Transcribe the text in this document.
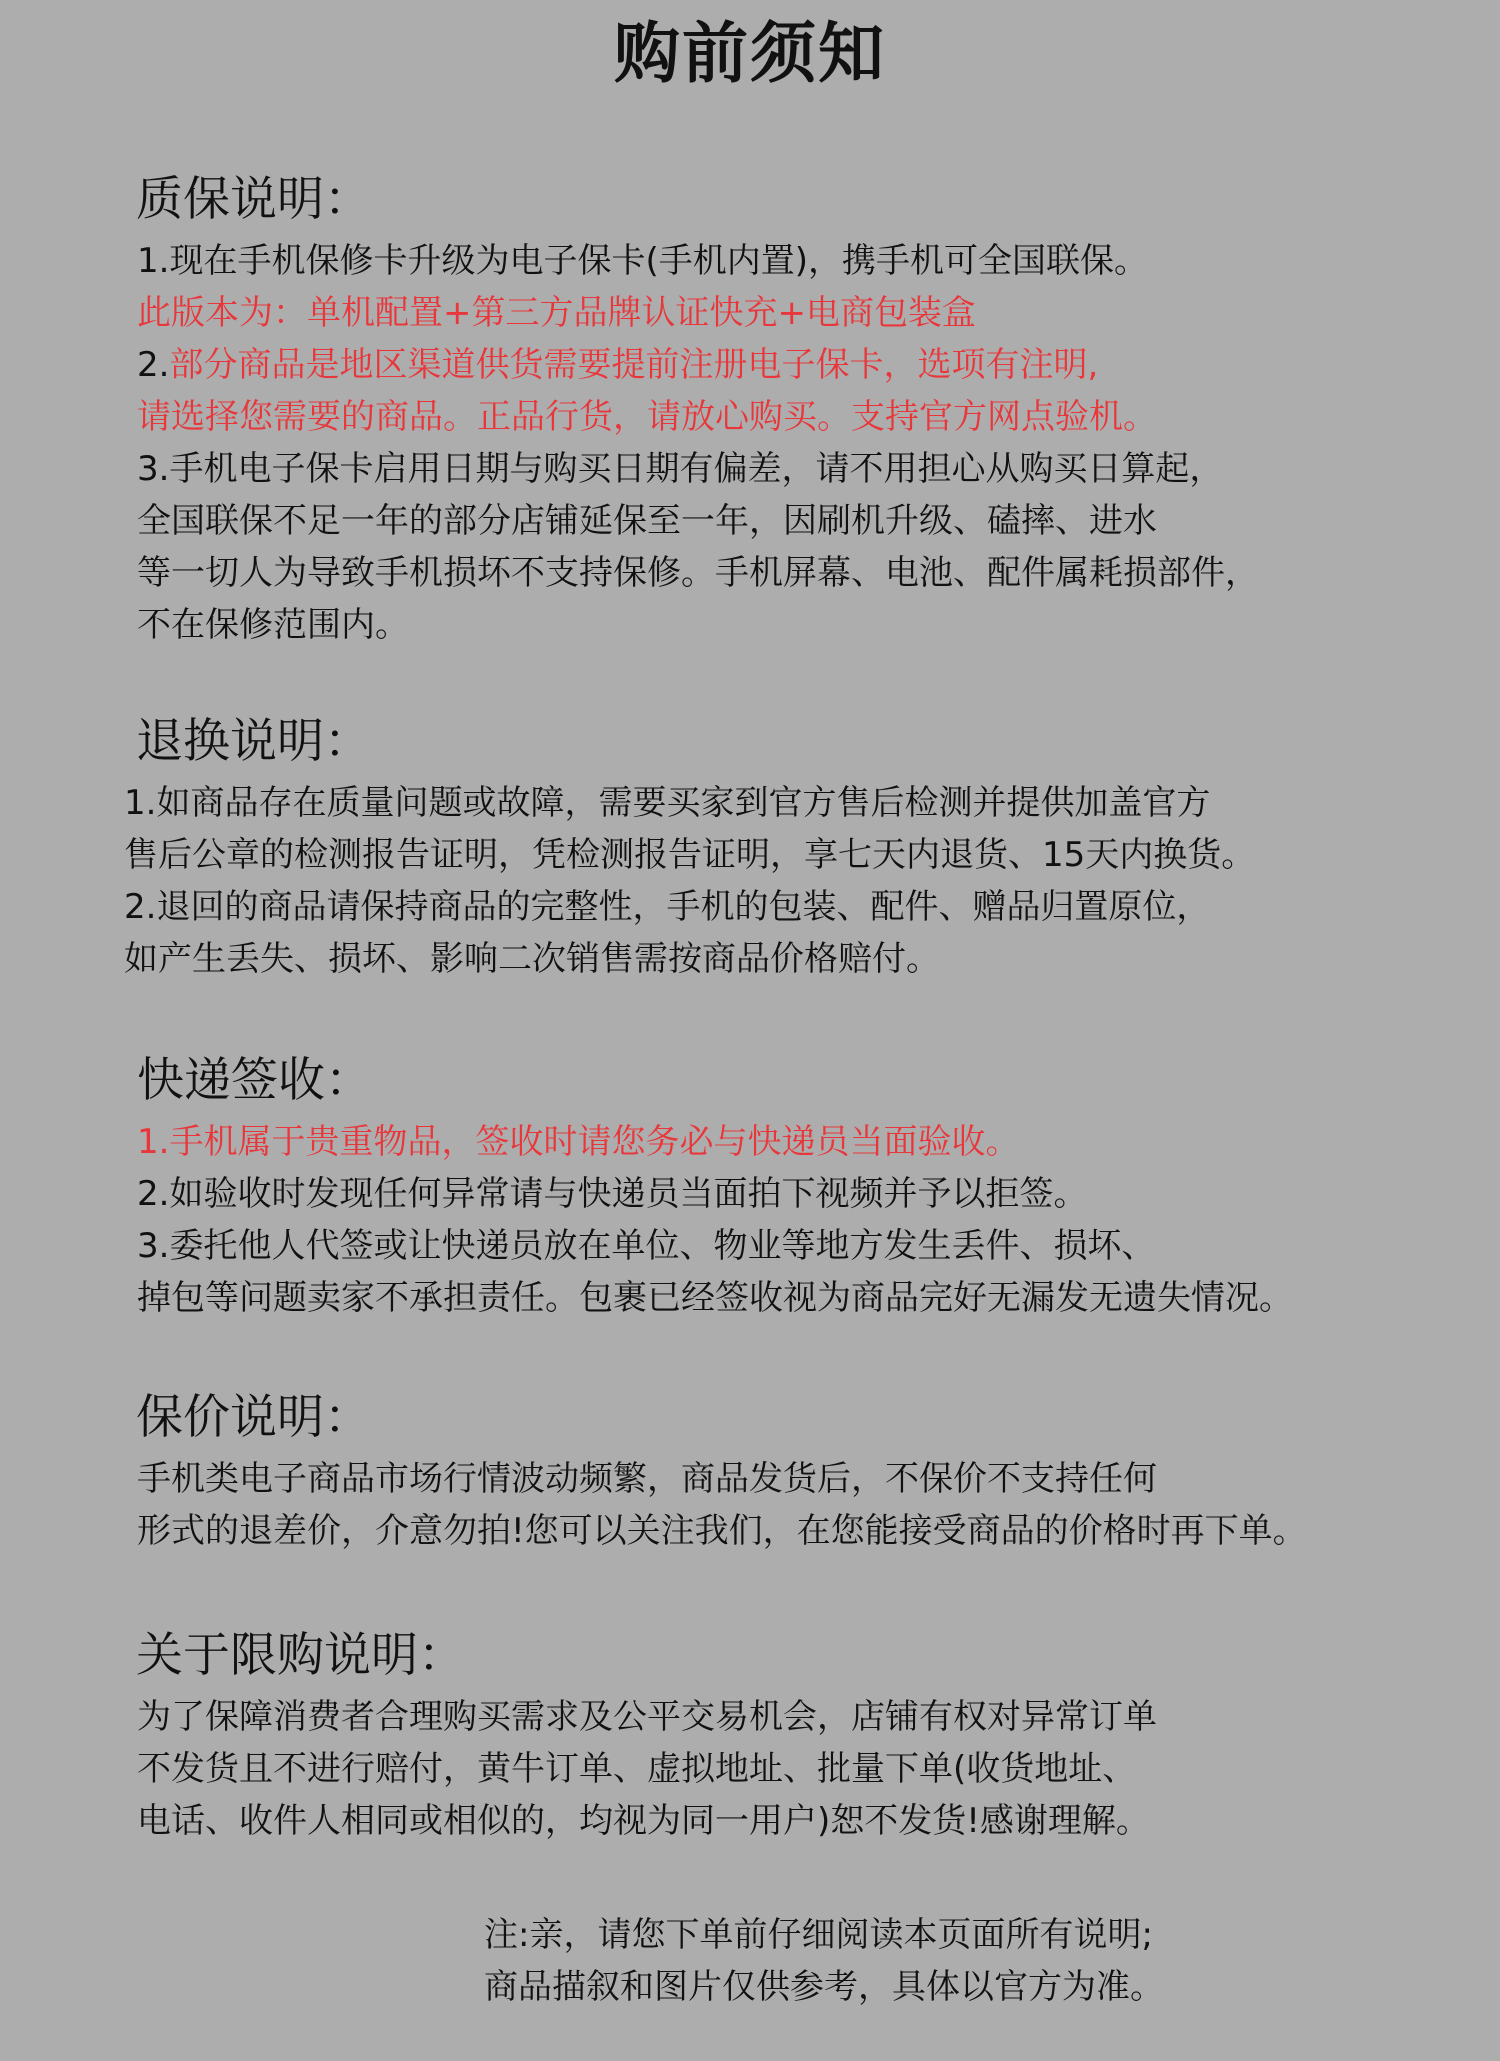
购前须知
质保说明：
1.现在手机保修卡升级为电子保卡(手机内置)，携手机可全国联保。
此版本为：单机配置+第三方品牌认证快充+电商包装盒
2.部分商品是地区渠道供货需要提前注册电子保卡，选项有注明,
请选择您需要的商品。正品行货，请放心购买。支持官方网点验机。
3.手机电子保卡启用日期与购买日期有偏差，请不用担心从购买日算起，
全国联保不足一年的部分店铺延保至一年，因刷机升级、磕摔、进水
等一切人为导致手机损坏不支持保修。手机屏幕、电池、配件属耗损部件，
不在保修范围内。
退换说明：
1.如商品存在质量问题或故障，需要买家到官方售后检测并提供加盖官方
售后公章的检测报告证明，凭检测报告证明，享七天内退货、15天内换货。
2.退回的商品请保持商品的完整性，手机的包装、配件、赠品归置原位，
如产生丢失、损坏、影响二次销售需按商品价格赔付。
快递签收：
1.手机属于贵重物品，签收时请您务必与快递员当面验收。
2.如验收时发现任何异常请与快递员当面拍下视频并予以拒签。
3.委托他人代签或让快递员放在单位、物业等地方发生丢件、损坏、
掉包等问题卖家不承担责任。包裹已经签收视为商品完好无漏发无遗失情况。
保价说明：
手机类电子商品市场行情波动频繁，商品发货后，不保价不支持任何
形式的退差价，介意勿拍!您可以关注我们，在您能接受商品的价格时再下单。
关于限购说明：
为了保障消费者合理购买需求及公平交易机会，店铺有权对异常订单
不发货且不进行赔付，黄牛订单、虚拟地址、批量下单(收货地址、
电话、收件人相同或相似的，均视为同一用户)恕不发货!感谢理解。
注:亲，请您下单前仔细阅读本页面所有说明;
商品描叙和图片仅供参考，具体以官方为准。
